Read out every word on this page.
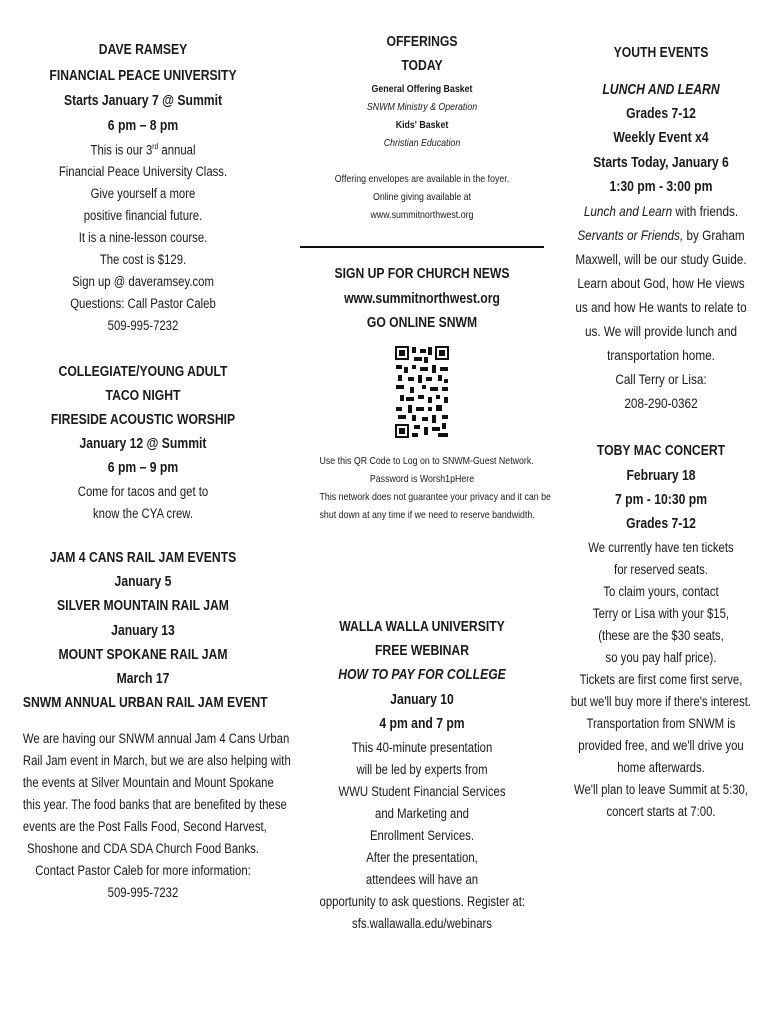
DAVE RAMSEY
FINANCIAL PEACE UNIVERSITY
Starts January 7 @ Summit
6 pm – 8 pm
This is our 3rd annual
Financial Peace University Class.
Give yourself a more
positive financial future.
It is a nine-lesson course.
The cost is $129.
Sign up @ daveramsey.com
Questions: Call Pastor Caleb
509-995-7232
COLLEGIATE/YOUNG ADULT
TACO NIGHT
FIRESIDE ACOUSTIC WORSHIP
January 12 @ Summit
6 pm – 9 pm
Come for tacos and get to
know the CYA crew.
JAM 4 CANS RAIL JAM EVENTS
January 5
SILVER MOUNTAIN RAIL JAM
January 13
MOUNT SPOKANE RAIL JAM
March 17
SNWM ANNUAL URBAN RAIL JAM EVENT
We are having our SNWM annual Jam 4 Cans Urban
Rail Jam event in March, but we are also helping with
the events at Silver Mountain and Mount Spokane
this year. The food banks that are benefited by these
events are the Post Falls Food, Second Harvest,
Shoshone and CDA SDA Church Food Banks.
Contact Pastor Caleb for more information:
509-995-7232
OFFERINGS
TODAY
General Offering Basket
SNWM Ministry & Operation
Kids' Basket
Christian Education
Offering envelopes are available in the foyer.
Online giving available at
www.summitnorthwest.org
SIGN UP FOR CHURCH NEWS
www.summitnorthwest.org
GO ONLINE SNWM
Use this QR Code to Log on to SNWM-Guest Network.
Password is Worsh1pHere
This network does not guarantee your privacy and it can be
shut down at any time if we need to reserve bandwidth.
WALLA WALLA UNIVERSITY
FREE WEBINAR
HOW TO PAY FOR COLLEGE
January 10
4 pm and 7 pm
This 40-minute presentation
will be led by experts from
WWU Student Financial Services
and Marketing and
Enrollment Services.
After the presentation,
attendees will have an
opportunity to ask questions. Register at:
sfs.wallawalla.edu/webinars
YOUTH EVENTS
LUNCH AND LEARN
Grades 7-12
Weekly Event x4
Starts Today, January 6
1:30 pm - 3:00 pm
Lunch and Learn with friends.
Servants or Friends, by Graham
Maxwell, will be our study Guide.
Learn about God, how He views
us and how He wants to relate to
us. We will provide lunch and
transportation home.
Call Terry or Lisa:
208-290-0362
TOBY MAC CONCERT
February 18
7 pm - 10:30 pm
Grades 7-12
We currently have ten tickets
for reserved seats.
To claim yours, contact
Terry or Lisa with your $15,
(these are the $30 seats,
so you pay half price).
Tickets are first come first serve,
but we'll buy more if there's interest.
Transportation from SNWM is
provided free, and we'll drive you
home afterwards.
We'll plan to leave Summit at 5:30,
concert starts at 7:00.
